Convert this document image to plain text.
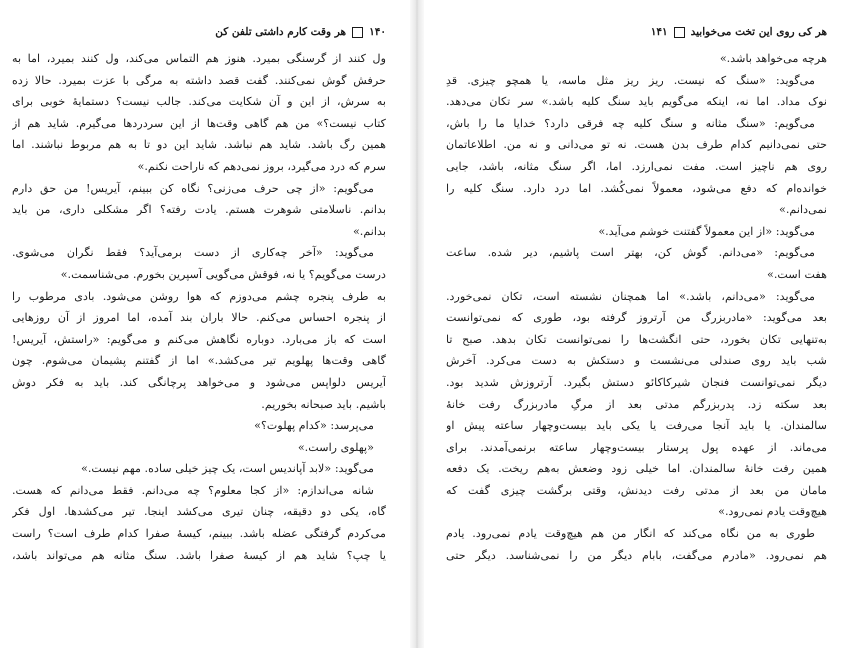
۱۴۰
هر وقت کارم داشتی تلفن کن
ول کنند از گرسنگی بمیرد. هنوز هم التماس می‌کند، ول کنند بمیرد، اما به
حرفش گوش نمی‌کنند. گفت قصد داشته به مرگی با عزت بمیرد. حالا زده
به سرش، از این و آن شکایت می‌کند. جالب نیست؟ دستمایهٔ خوبی برای
کتاب نیست؟» من هم گاهی وقت‌ها از این سردردها می‌گیرم. شاید هم از
همین رگ باشد. شاید هم نباشد. شاید این دو تا به هم مربوط نباشند. اما
سرم که درد می‌گیرد، بروز نمی‌دهم که ناراحت نکنم.»
می‌گویم: «از چی حرف می‌زنی؟ نگاه کن ببینم، آیریس! من حق دارم
بدانم. ناسلامتی شوهرت هستم. یادت رفته؟ اگر مشکلی داری، من باید
بدانم.»
می‌گوید: «آخر چه‌کاری از دست برمی‌آید؟ فقط نگران می‌شوی.
درست می‌گویم؟ یا نه، فوقش می‌گویی آسپرین بخورم. می‌شناسمت.»
به طرف پنجره چشم می‌دوزم که هوا روشن می‌شود. بادی مرطوب را
از پنجره احساس می‌کنم. حالا باران بند آمده، اما امروز از آن روزهایی
است که باز می‌بارد. دوباره نگاهش می‌کنم و می‌گویم: «راستش، آیریس!
گاهی وقت‌ها پهلویم تیر می‌کشد.» اما از گفتنم پشیمان می‌شوم. چون
آیریس دلواپس می‌شود و می‌خواهد پرچانگی کند. باید به فکر دوش
باشیم. باید صبحانه بخوریم.
می‌پرسد: «کدام پهلوت؟»
«پهلوی راست.»
می‌گوید: «لابد آپاندیس است، یک چیز خیلی ساده. مهم نیست.»
شانه می‌اندازم: «از کجا معلوم؟ چه می‌دانم. فقط می‌دانم که هست.
گاه، یکی دو دقیقه، چنان تیری می‌کشد اینجا. تیر می‌کشدها. اول فکر
می‌کردم گرفتگی عضله باشد. ببینم، کیسهٔ صفرا کدام طرف است؟ راست
یا چپ؟ شاید هم از کیسهٔ صفرا باشد. سنگ مثانه هم می‌تواند باشد،
هر کی روی این تخت می‌خوابید
۱۴۱
هرچه می‌خواهد باشد.»
می‌گوید: «سنگ که نیست. ریز ریز مثل ماسه، یا همچو چیزی. قدِ
نوک مداد. اما نه، اینکه می‌گویم باید سنگ کلیه باشد.» سر تکان می‌دهد.
می‌گویم: «سنگ مثانه و سنگ کلیه چه فرقی دارد؟ خدایا ما را باش،
حتی نمی‌دانیم کدام طرف بدن هست. نه تو می‌دانی و نه من. اطلاعاتمان
روی هم ناچیز است. مفت نمی‌ارزد. اما، اگر سنگ مثانه، باشد، جایی
خوانده‌ام که دفع می‌شود، معمولاً نمی‌کُشد. اما درد دارد. سنگ کلیه را
نمی‌دانم.»
می‌گوید: «از این معمولاً گفتنت خوشم می‌آید.»
می‌گویم: «می‌دانم. گوش کن، بهتر است پاشیم، دیر شده. ساعت
هفت است.»
می‌گوید: «می‌دانم، باشد.» اما همچنان نشسته است، تکان نمی‌خورد.
بعد می‌گوید: «مادربزرگ من آرتروز گرفته بود، طوری که نمی‌توانست
به‌تنهایی تکان بخورد، حتی انگشت‌ها را نمی‌توانست تکان بدهد. صبح تا
شب باید روی صندلی می‌نشست و دستکش به دست می‌کرد. آخرش
دیگر نمی‌توانست فنجان شیرکاکائو دستش بگیرد. آرتروزش شدید بود.
بعد سکته زد. پدربزرگم مدتی بعد از مرگِ مادربزرگ رفت خانهٔ
سالمندان. یا باید آنجا می‌رفت یا یکی باید بیست‌وچهار ساعته پیش او
می‌ماند. از عهده پول پرستار بیست‌وچهار ساعته برنمی‌آمدند. برای
همین رفت خانهٔ سالمندان. اما خیلی زود وضعش به‌هم ریخت. یک دفعه
مامان من بعد از مدتی رفت دیدنش، وقتی برگشت چیزی گفت که
هیچ‌وقت یادم نمی‌رود.»
طوری به من نگاه می‌کند که انگار من هم هیچ‌وقت یادم نمی‌رود. یادم
هم نمی‌رود. «مادرم می‌گفت، بابام دیگر من را نمی‌شناسد. دیگر حتی
